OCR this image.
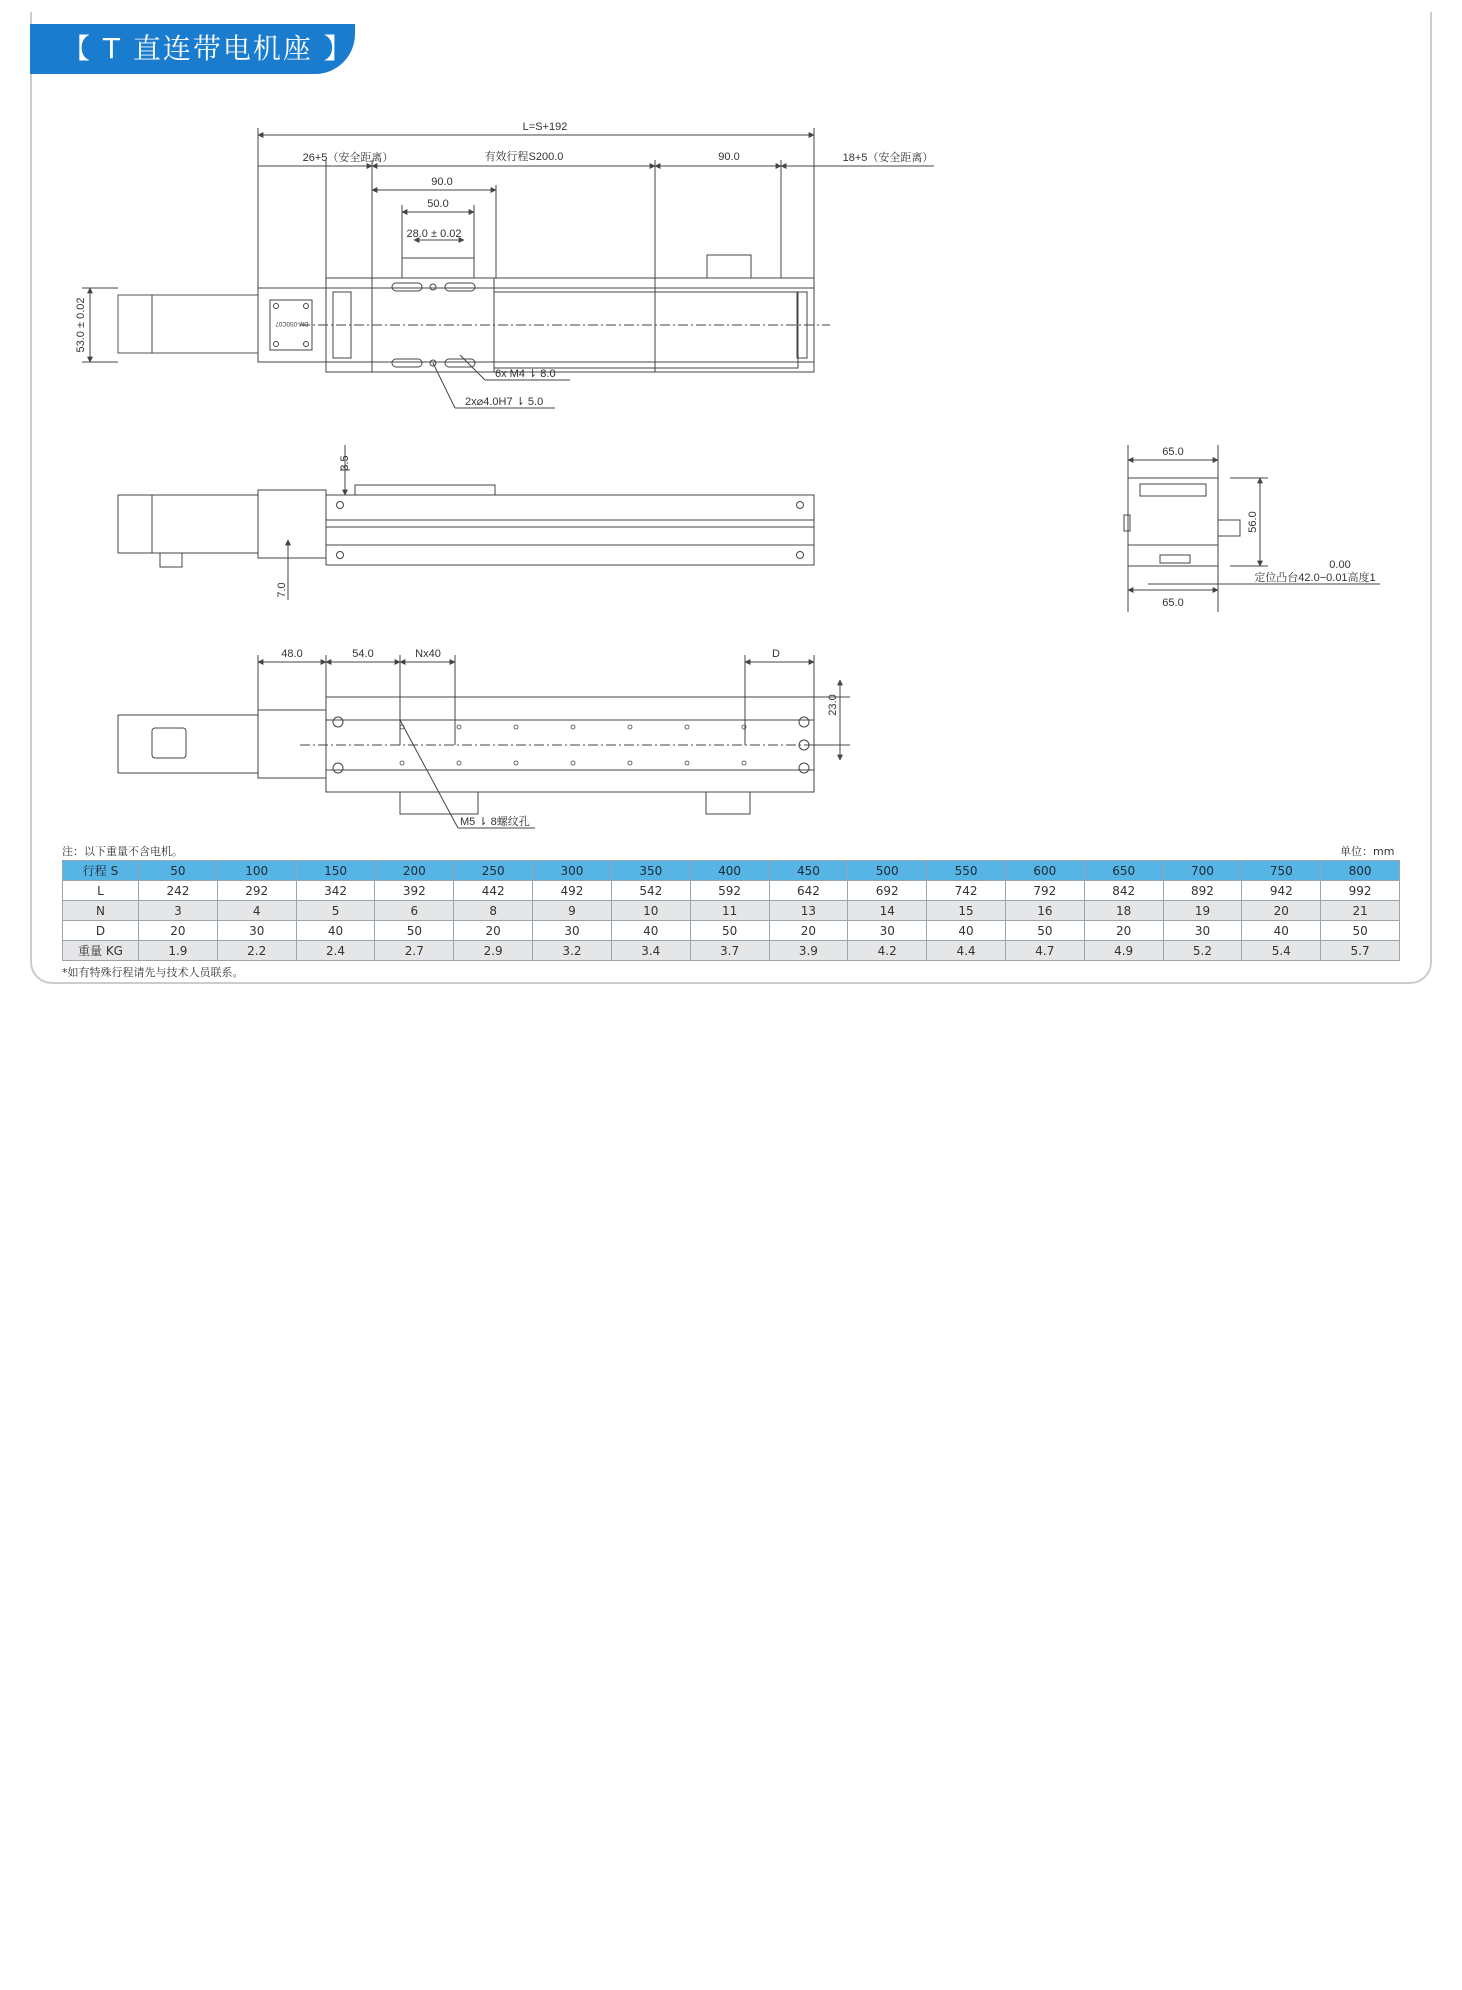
【 T 直连带电机座 】
DM-0S0C07
L=S+192
26+5（安全距离）	有效行程S200.0	90.0	18+5（安全距离）
90.0
50.0
28.0 ± 0.02
53.0 ± 0.02
6x M4 ⇂ 8.0
2x⌀4.0H7 ⇂ 5.0
3.5
7.0
48.0	54.0	Nx40	D
23.0
M5 ⇂ 8螺纹孔
65.0
56.0
0.00
定位凸台42.0−0.01高度1
65.0
注：以下重量不含电机。	单位：mm
行程 S	50	100	150	200	250	300	350	400	450	500	550	600	650	700	750	800
L	242	292	342	392	442	492	542	592	642	692	742	792	842	892	942	992
N	3	4	5	6	8	9	10	11	13	14	15	16	18	19	20	21
D	20	30	40	50	20	30	40	50	20	30	40	50	20	30	40	50
重量 KG	1.9	2.2	2.4	2.7	2.9	3.2	3.4	3.7	3.9	4.2	4.4	4.7	4.9	5.2	5.4	5.7
*如有特殊行程请先与技术人员联系。
